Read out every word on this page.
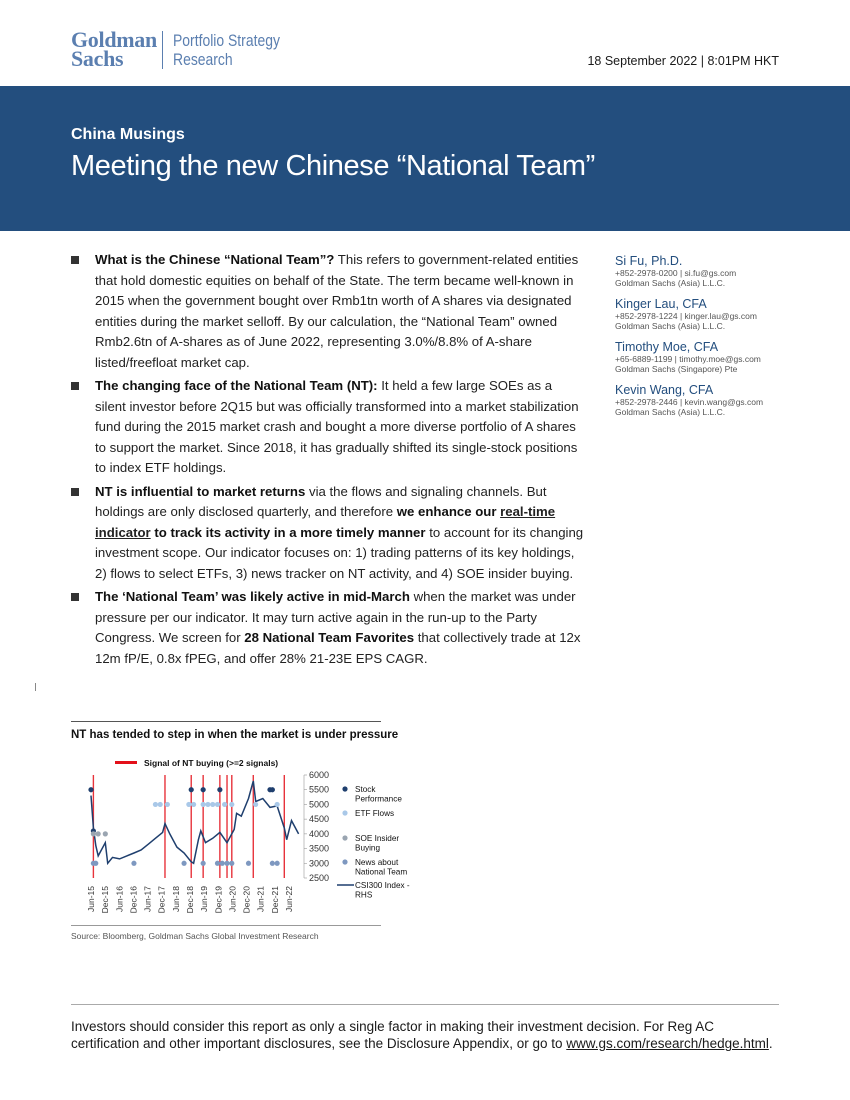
Goldman
Sachs
Portfolio Strategy
Research	18 September 2022 | 8:01PM HKT
China Musings
Meeting the new Chinese “National Team”
What is the Chinese “National Team”? This refers to government-related entities that hold domestic equities on behalf of the State. The term became well-known in 2015 when the government bought over Rmb1tn worth of A shares via designated entities during the market selloff. By our calculation, the “National Team” owned Rmb2.6tn of A-shares as of June 2022, representing 3.0%/8.8% of A-share listed/freefloat market cap.
The changing face of the National Team (NT): It held a few large SOEs as a silent investor before 2Q15 but was officially transformed into a market stabilization fund during the 2015 market crash and bought a more diverse portfolio of A shares to support the market. Since 2018, it has gradually shifted its single-stock positions to index ETF holdings.
NT is influential to market returns via the flows and signaling channels. But holdings are only disclosed quarterly, and therefore we enhance our real-time indicator to track its activity in a more timely manner to account for its changing investment scope. Our indicator focuses on: 1) trading patterns of its key holdings, 2) flows to select ETFs, 3) news tracker on NT activity, and 4) SOE insider buying.
The ‘National Team’ was likely active in mid-March when the market was under pressure per our indicator. It may turn active again in the run-up to the Party Congress. We screen for 28 National Team Favorites that collectively trade at 12x 12m fP/E, 0.8x fPEG, and offer 28% 21-23E EPS CAGR.
Si Fu, Ph.D.
+852-2978-0200 | si.fu@gs.com
Goldman Sachs (Asia) L.L.C.
Kinger Lau, CFA
+852-2978-1224 | kinger.lau@gs.com
Goldman Sachs (Asia) L.L.C.
Timothy Moe, CFA
+65-6889-1199 | timothy.moe@gs.com
Goldman Sachs (Singapore) Pte
Kevin Wang, CFA
+852-2978-2446 | kevin.wang@gs.com
Goldman Sachs (Asia) L.L.C.
NT has tended to step in when the market is under pressure
2500
3000
3500
4000
4500
5000
5500
6000
Jun-15 Dec-15 Jun-16 Dec-16 Jun-17 Dec-17 Jun-18 Dec-18 Jun-19 Dec-19 Jun-20 Dec-20 Jun-21 Dec-21 Jun-22
Signal of NT buying (>=2 signals)
Stock Performance
ETF Flows
SOE Insider Buying
News about National Team
CSI300 Index -RHS
Source: Bloomberg, Goldman Sachs Global Investment Research
Investors should consider this report as only a single factor in making their investment decision. For Reg AC certification and other important disclosures, see the Disclosure Appendix, or go to www.gs.com/research/hedge.html.
